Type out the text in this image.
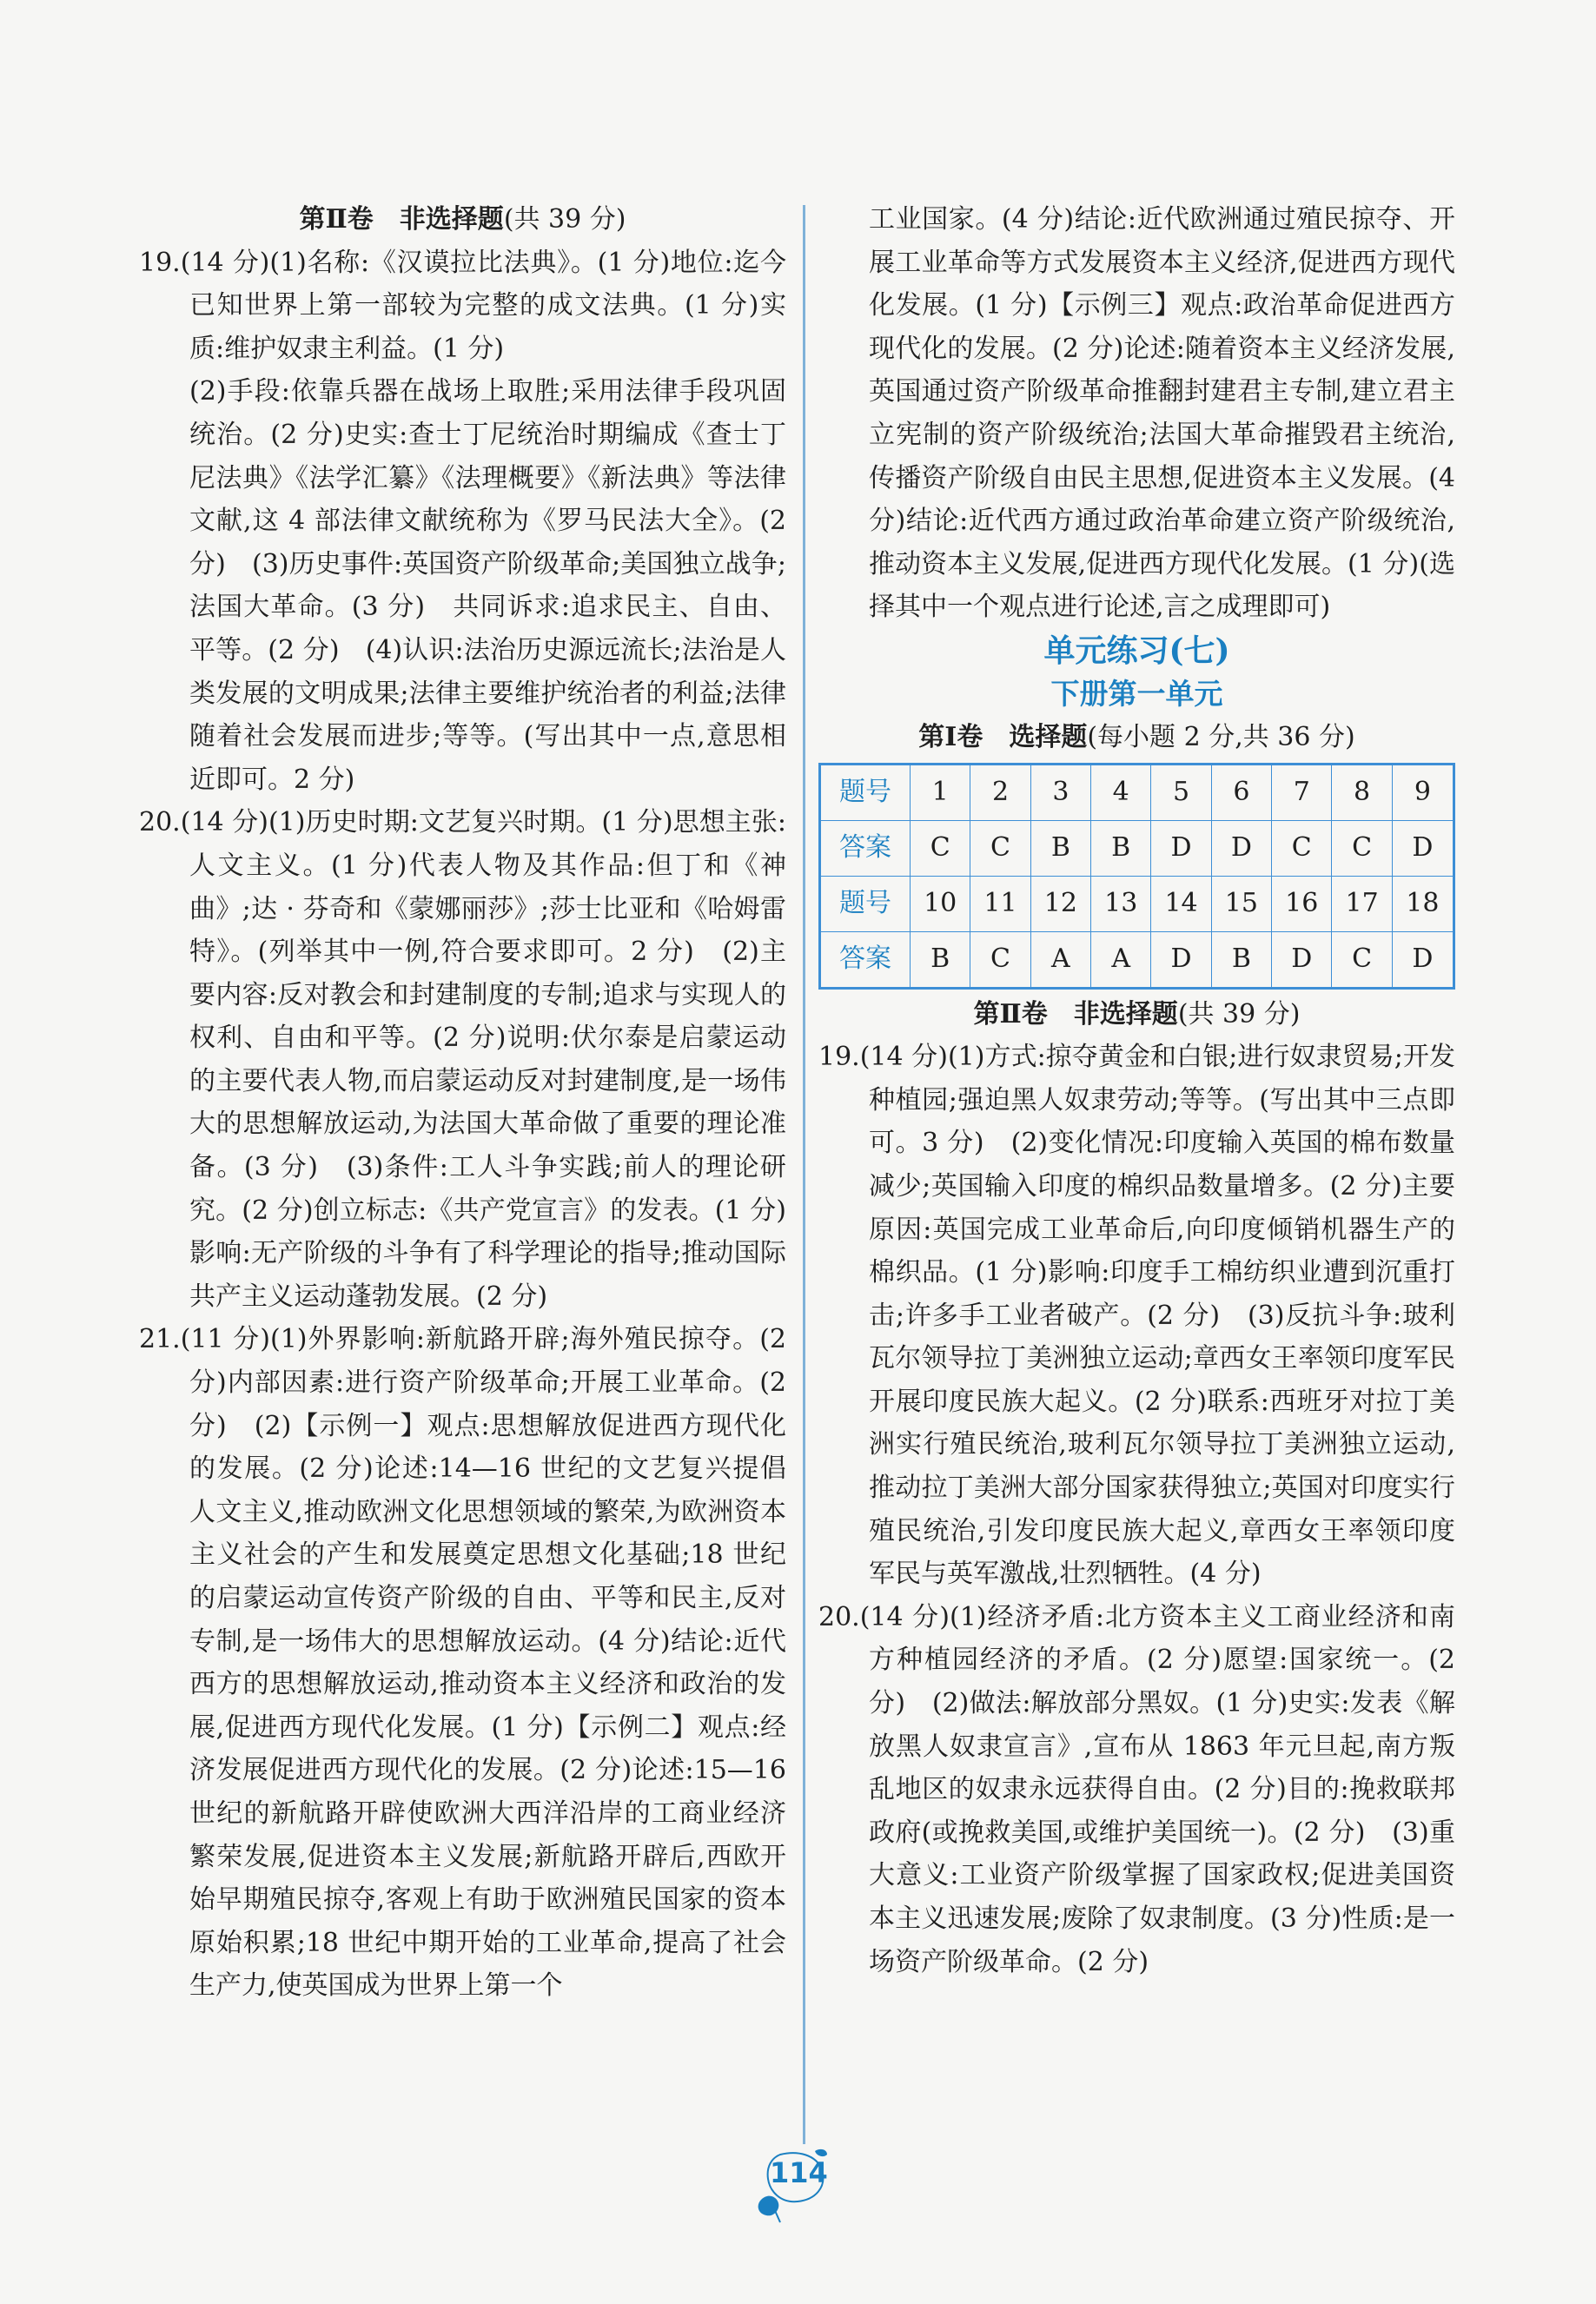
第Ⅱ卷　非选择题(共 39 分)

19.(14 分)(1)名称:《汉谟拉比法典》。(1 分)地位:迄今已知世界上第一部较为完整的成文法典。(1 分)实质:维护奴隶主利益。(1 分)

(2)手段:依靠兵器在战场上取胜;采用法律手段巩固统治。(2 分)史实:查士丁尼统治时期编成《查士丁尼法典》《法学汇纂》《法理概要》《新法典》等法律文献,这 4 部法律文献统称为《罗马民法大全》。(2 分)　(3)历史事件:英国资产阶级革命;美国独立战争;法国大革命。(3 分)　共同诉求:追求民主、自由、平等。(2 分)　(4)认识:法治历史源远流长;法治是人类发展的文明成果;法律主要维护统治者的利益;法律随着社会发展而进步;等等。(写出其中一点,意思相近即可。2 分)

20.(14 分)(1)历史时期:文艺复兴时期。(1 分)思想主张:人文主义。(1 分)代表人物及其作品:但丁和《神曲》;达 · 芬奇和《蒙娜丽莎》;莎士比亚和《哈姆雷特》。(列举其中一例,符合要求即可。2 分)　(2)主要内容:反对教会和封建制度的专制;追求与实现人的权利、自由和平等。(2 分)说明:伏尔泰是启蒙运动的主要代表人物,而启蒙运动反对封建制度,是一场伟大的思想解放运动,为法国大革命做了重要的理论准备。(3 分)　(3)条件:工人斗争实践;前人的理论研究。(2 分)创立标志:《共产党宣言》的发表。(1 分)影响:无产阶级的斗争有了科学理论的指导;推动国际共产主义运动蓬勃发展。(2 分)

21.(11 分)(1)外界影响:新航路开辟;海外殖民掠夺。(2 分)内部因素:进行资产阶级革命;开展工业革命。(2 分)　(2)【示例一】观点:思想解放促进西方现代化的发展。(2 分)论述:14—16 世纪的文艺复兴提倡人文主义,推动欧洲文化思想领域的繁荣,为欧洲资本主义社会的产生和发展奠定思想文化基础;18 世纪的启蒙运动宣传资产阶级的自由、平等和民主,反对专制,是一场伟大的思想解放运动。(4 分)结论:近代西方的思想解放运动,推动资本主义经济和政治的发展,促进西方现代化发展。(1 分)【示例二】观点:经济发展促进西方现代化的发展。(2 分)论述:15—16 世纪的新航路开辟使欧洲大西洋沿岸的工商业经济繁荣发展,促进资本主义发展;新航路开辟后,西欧开始早期殖民掠夺,客观上有助于欧洲殖民国家的资本原始积累;18 世纪中期开始的工业革命,提高了社会生产力,使英国成为世界上第一个

工业国家。(4 分)结论:近代欧洲通过殖民掠夺、开展工业革命等方式发展资本主义经济,促进西方现代化发展。(1 分)【示例三】观点:政治革命促进西方现代化的发展。(2 分)论述:随着资本主义经济发展,英国通过资产阶级革命推翻封建君主专制,建立君主立宪制的资产阶级统治;法国大革命摧毁君主统治,传播资产阶级自由民主思想,促进资本主义发展。(4 分)结论:近代西方通过政治革命建立资产阶级统治,推动资本主义发展,促进西方现代化发展。(1 分)(选择其中一个观点进行论述,言之成理即可)

单元练习(七)

下册第一单元

第Ⅰ卷　选择题(每小题 2 分,共 36 分)

题号	1	2	3	4	5	6	7	8	9
答案	C	C	B	B	D	D	C	C	D
题号	10	11	12	13	14	15	16	17	18
答案	B	C	A	A	D	B	D	C	D

第Ⅱ卷　非选择题(共 39 分)

19.(14 分)(1)方式:掠夺黄金和白银;进行奴隶贸易;开发种植园;强迫黑人奴隶劳动;等等。(写出其中三点即可。3 分)　(2)变化情况:印度输入英国的棉布数量减少;英国输入印度的棉织品数量增多。(2 分)主要原因:英国完成工业革命后,向印度倾销机器生产的棉织品。(1 分)影响:印度手工棉纺织业遭到沉重打击;许多手工业者破产。(2 分)　(3)反抗斗争:玻利瓦尔领导拉丁美洲独立运动;章西女王率领印度军民开展印度民族大起义。(2 分)联系:西班牙对拉丁美洲实行殖民统治,玻利瓦尔领导拉丁美洲独立运动,推动拉丁美洲大部分国家获得独立;英国对印度实行殖民统治,引发印度民族大起义,章西女王率领印度军民与英军激战,壮烈牺牲。(4 分)

20.(14 分)(1)经济矛盾:北方资本主义工商业经济和南方种植园经济的矛盾。(2 分)愿望:国家统一。(2 分)　(2)做法:解放部分黑奴。(1 分)史实:发表《解放黑人奴隶宣言》,宣布从 1863 年元旦起,南方叛乱地区的奴隶永远获得自由。(2 分)目的:挽救联邦政府(或挽救美国,或维护美国统一)。(2 分)　(3)重大意义:工业资产阶级掌握了国家政权;促进美国资本主义迅速发展;废除了奴隶制度。(3 分)性质:是一场资产阶级革命。(2 分)

114
